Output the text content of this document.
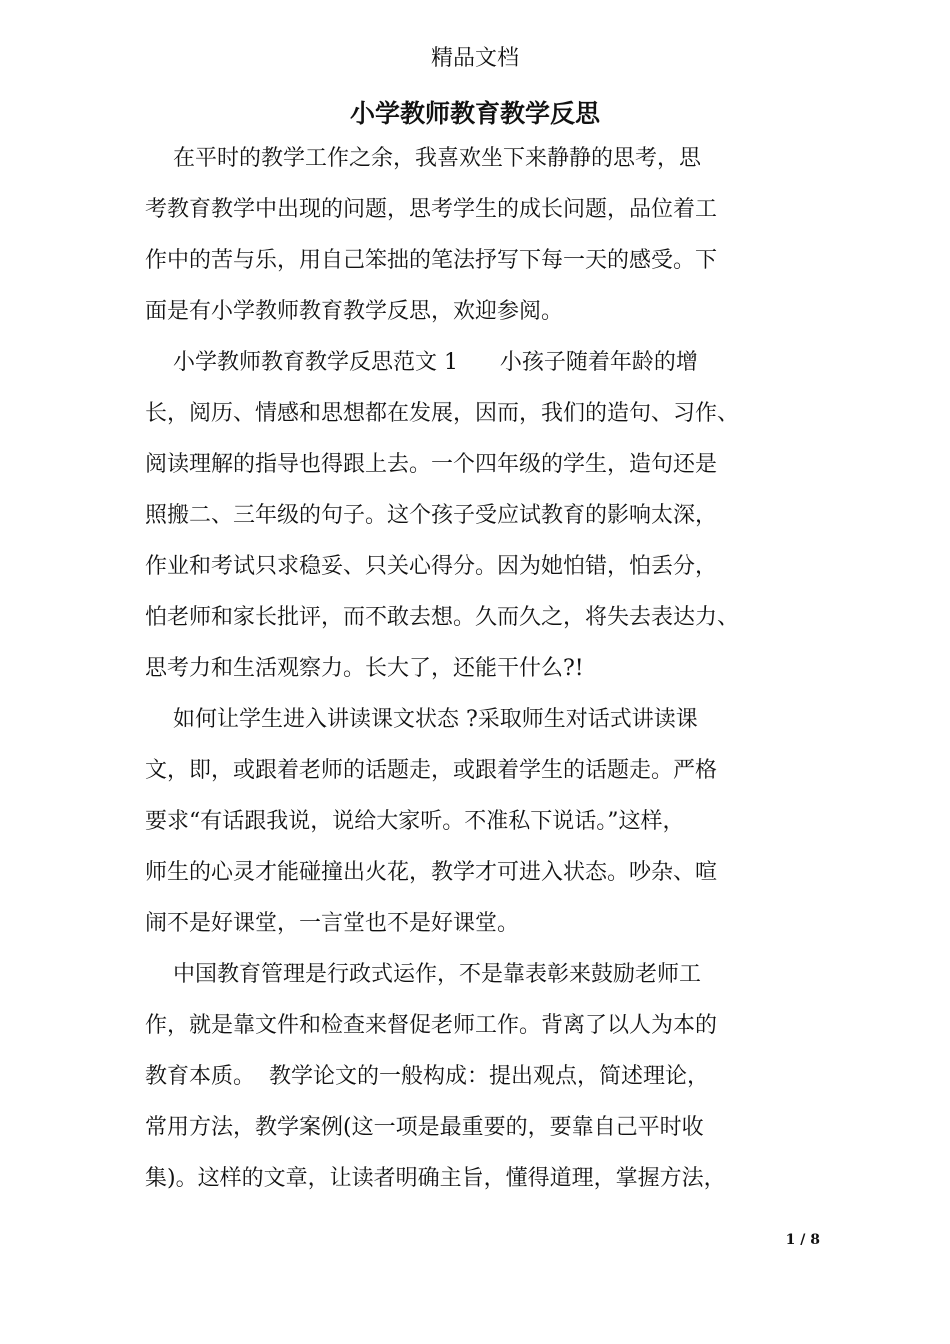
精品文档
小学教师教育教学反思
在平时的教学工作之余，我喜欢坐下来静静的思考，思
考教育教学中出现的问题，思考学生的成长问题，品位着工
作中的苦与乐，用自己笨拙的笔法抒写下每一天的感受。下
面是有小学教师教育教学反思，欢迎参阅。
小学教师教育教学反思范文 1      小孩子随着年龄的增
长，阅历、情感和思想都在发展，因而，我们的造句、习作、
阅读理解的指导也得跟上去。一个四年级的学生，造句还是
照搬二、三年级的句子。这个孩子受应试教育的影响太深，
作业和考试只求稳妥、只关心得分。因为她怕错，怕丢分，
怕老师和家长批评，而不敢去想。久而久之，将失去表达力、
思考力和生活观察力。长大了，还能干什么?!
如何让学生进入讲读课文状态 ?采取师生对话式讲读课
文，即，或跟着老师的话题走，或跟着学生的话题走。严格
要求“有话跟我说，说给大家听。不准私下说话。”这样，
师生的心灵才能碰撞出火花，教学才可进入状态。吵杂、喧
闹不是好课堂，一言堂也不是好课堂。
中国教育管理是行政式运作，不是靠表彰来鼓励老师工
作，就是靠文件和检查来督促老师工作。背离了以人为本的
教育本质。  教学论文的一般构成：提出观点，简述理论，
常用方法，教学案例(这一项是最重要的，要靠自己平时收
集)。这样的文章，让读者明确主旨，懂得道理，掌握方法，
1 / 8
